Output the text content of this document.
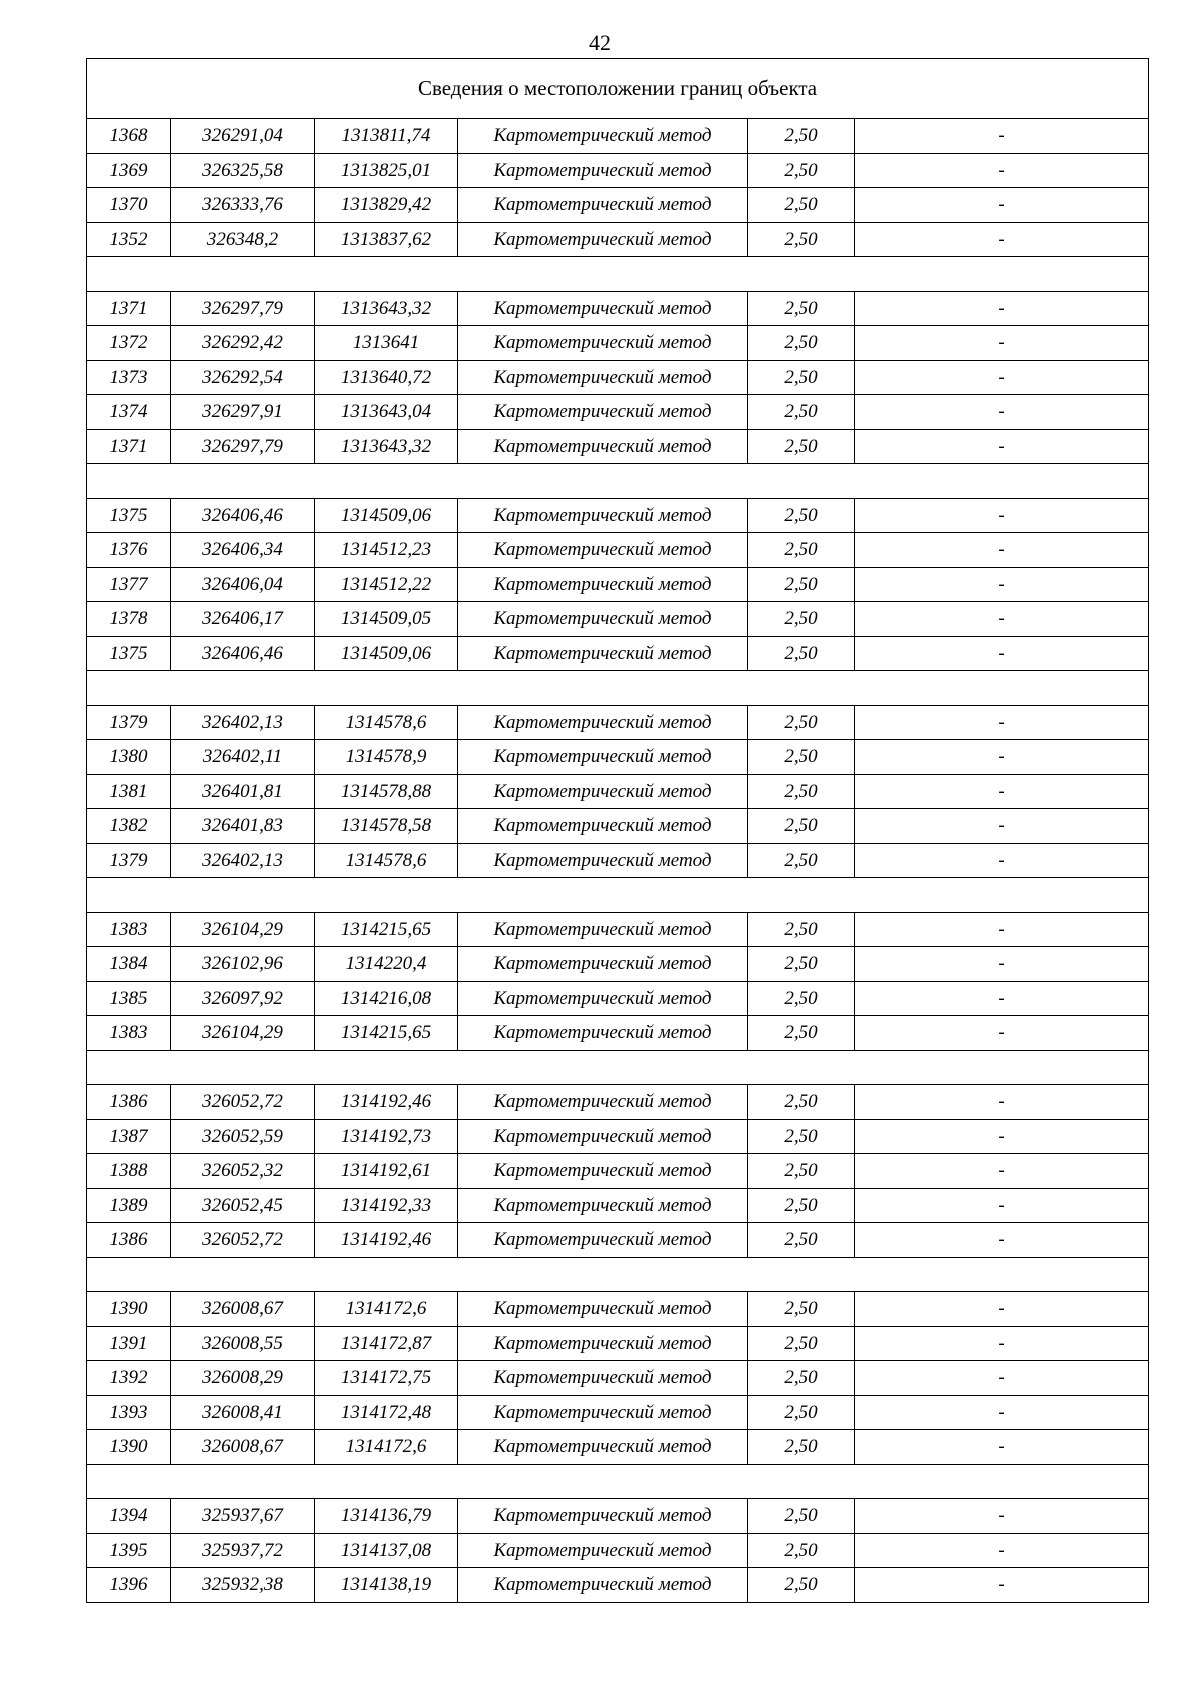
42
Сведения о местоположении границ объекта					
1368	326291,04	1313811,74	Картометрический метод	2,50	-
1369	326325,58	1313825,01	Картометрический метод	2,50	-
1370	326333,76	1313829,42	Картометрический метод	2,50	-
1352	326348,2	1313837,62	Картометрический метод	2,50	-

1371	326297,79	1313643,32	Картометрический метод	2,50	-
1372	326292,42	1313641	Картометрический метод	2,50	-
1373	326292,54	1313640,72	Картометрический метод	2,50	-
1374	326297,91	1313643,04	Картометрический метод	2,50	-
1371	326297,79	1313643,32	Картометрический метод	2,50	-

1375	326406,46	1314509,06	Картометрический метод	2,50	-
1376	326406,34	1314512,23	Картометрический метод	2,50	-
1377	326406,04	1314512,22	Картометрический метод	2,50	-
1378	326406,17	1314509,05	Картометрический метод	2,50	-
1375	326406,46	1314509,06	Картометрический метод	2,50	-

1379	326402,13	1314578,6	Картометрический метод	2,50	-
1380	326402,11	1314578,9	Картометрический метод	2,50	-
1381	326401,81	1314578,88	Картометрический метод	2,50	-
1382	326401,83	1314578,58	Картометрический метод	2,50	-
1379	326402,13	1314578,6	Картометрический метод	2,50	-

1383	326104,29	1314215,65	Картометрический метод	2,50	-
1384	326102,96	1314220,4	Картометрический метод	2,50	-
1385	326097,92	1314216,08	Картометрический метод	2,50	-
1383	326104,29	1314215,65	Картометрический метод	2,50	-

1386	326052,72	1314192,46	Картометрический метод	2,50	-
1387	326052,59	1314192,73	Картометрический метод	2,50	-
1388	326052,32	1314192,61	Картометрический метод	2,50	-
1389	326052,45	1314192,33	Картометрический метод	2,50	-
1386	326052,72	1314192,46	Картометрический метод	2,50	-

1390	326008,67	1314172,6	Картометрический метод	2,50	-
1391	326008,55	1314172,87	Картометрический метод	2,50	-
1392	326008,29	1314172,75	Картометрический метод	2,50	-
1393	326008,41	1314172,48	Картометрический метод	2,50	-
1390	326008,67	1314172,6	Картометрический метод	2,50	-

1394	325937,67	1314136,79	Картометрический метод	2,50	-
1395	325937,72	1314137,08	Картометрический метод	2,50	-
1396	325932,38	1314138,19	Картометрический метод	2,50	-
